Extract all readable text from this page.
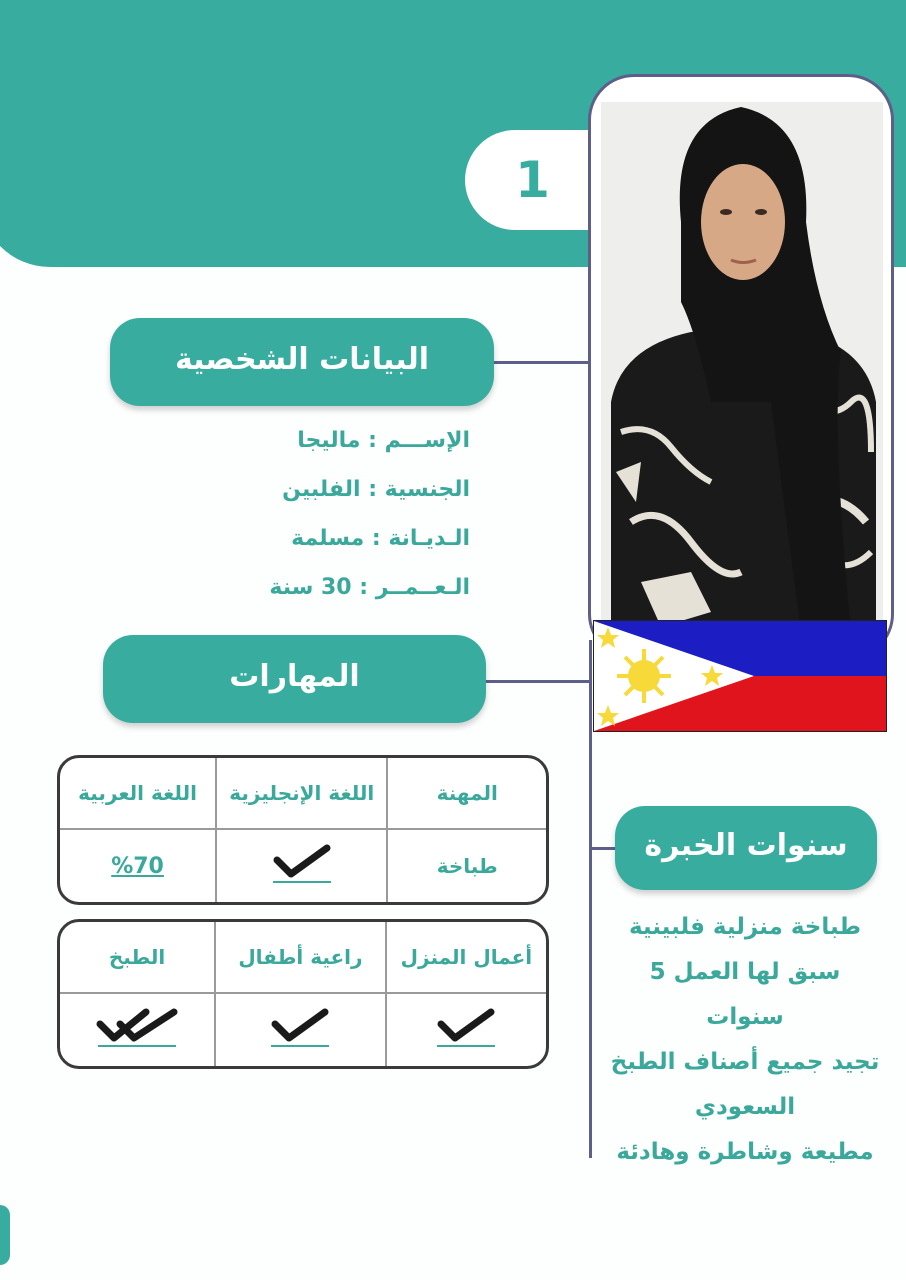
1
البيانات الشخصية
الإســـم : ماليجا
الجنسية : الفلبين
الـديـانة : مسلمة
الـعــمــر : 30 سنة
المهارات
المهنة	اللغة الإنجليزية	اللغة العربية
طباخة		%70
أعمال المنزل	راعية أطفال	الطبخ

سنوات الخبرة
طباخة منزلية فلبينية
سبق لها العمل 5
سنوات
تجيد جميع أصناف الطبخ
السعودي
مطيعة وشاطرة وهادئة
